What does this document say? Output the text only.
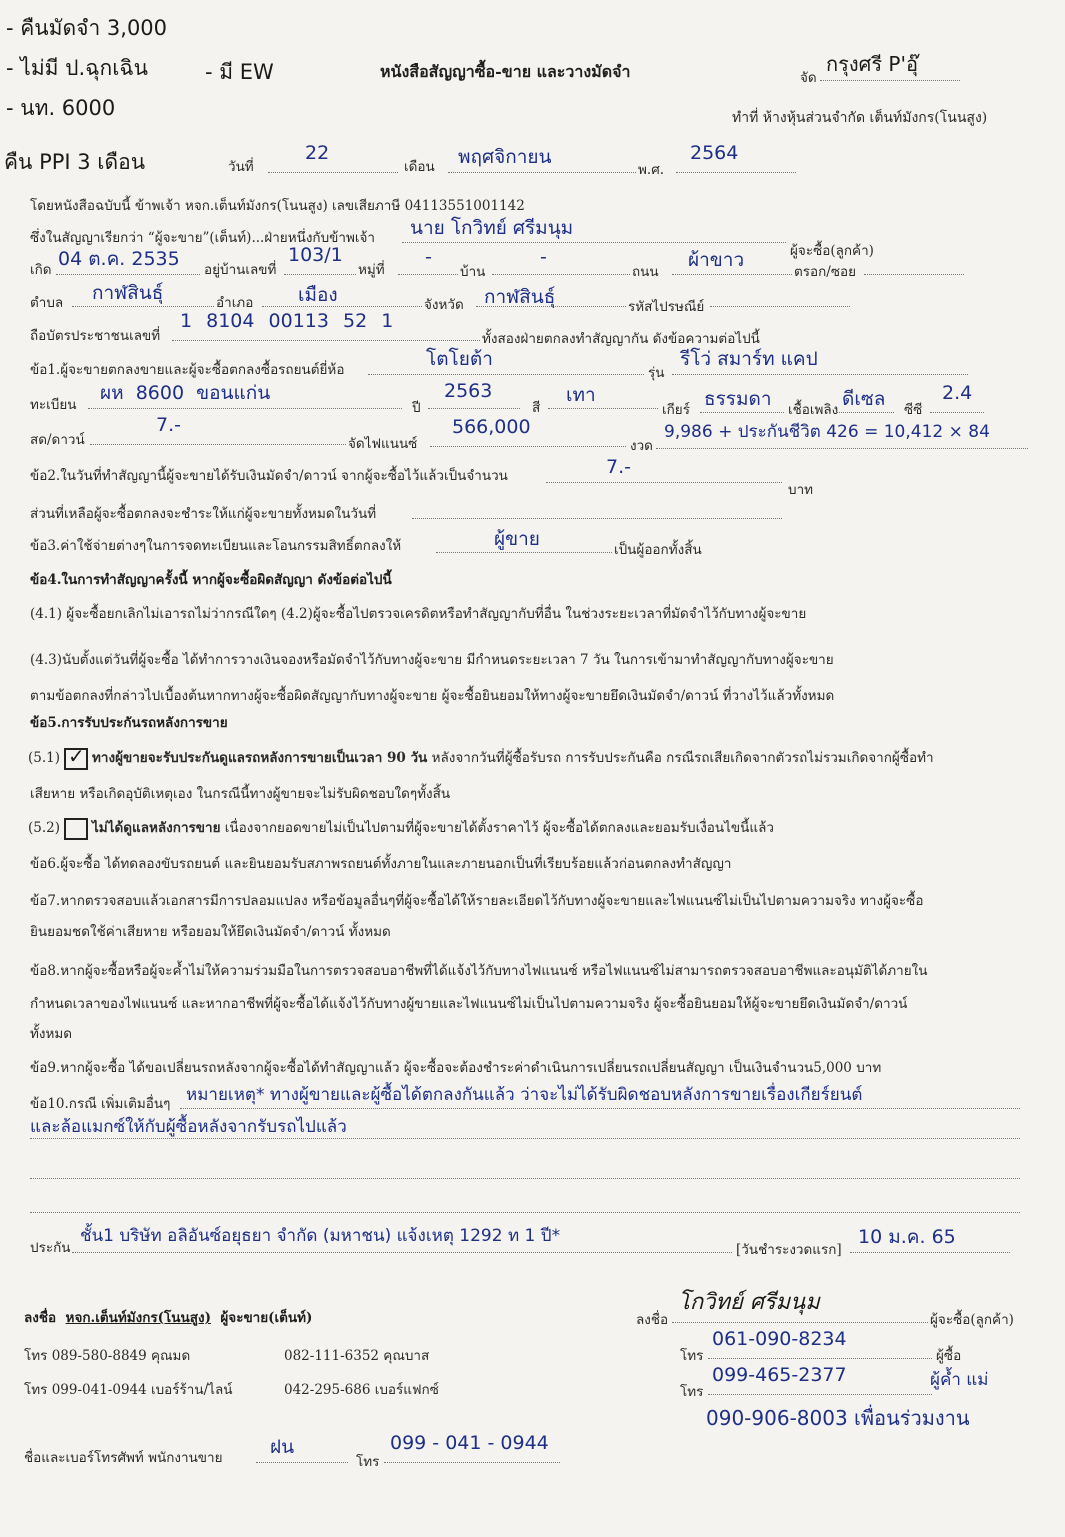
- คืนมัดจำ 3,000
- ไม่มี ป.ฉุกเฉิน	- มี EW
- นท. 6000
คืน PPI 3 เดือน
หนังสือสัญญาซื้อ-ขาย และวางมัดจำ	จัด
กรุงศรี P'อุ๊
ทำที่ ห้างหุ้นส่วนจำกัด เต็นท์มังกร(โนนสูง)
วันที่
22
เดือน พฤศจิกายน
พ.ศ.
2564
โดยหนังสือฉบับนี้ ข้าพเจ้า หจก.เต็นท์มังกร(โนนสูง) เลขเสียภาษี 04113551001142
ซึ่งในสัญญาเรียกว่า “ผู้จะขาย”(เต็นท์)...ฝ่ายหนึ่งกับข้าพเจ้า นาย โกวิทย์ ศรีมนุม
ผู้จะซื้อ(ลูกค้า)
เกิด 04 ต.ค. 2535 อยู่บ้านเลขที่
103/1
หมู่ที่
-
บ้าน
-
ถนน
ผ้าขาว
ตรอก/ซอย
ตำบล กาฬสินธุ์	อำเภอ เมือง	จังหวัด กาฬสินธุ์	รหัสไปรษณีย์
ถือบัตรประชาชนเลขที่
1 8104 00113 52 1
ทั้งสองฝ่ายตกลงทำสัญญากัน ดังข้อความต่อไปนี้
ข้อ1.ผู้จะขายตกลงขายและผู้จะซื้อตกลงซื้อรถยนต์ยี่ห้อ	โตโยต้า
รุ่น
รีโว่ สมาร์ท แคป
ทะเบียน
ผห 8600 ขอนแก่น
ปี
2563
สี
เทา
เกียร์ ธรรมดา เชื้อเพลิง ดีเซล ซีซี
2.4
สด/ดาวน์
7.-
จัดไฟแนนซ์
566,000
งวด
9,986 + ประกันชีวิต 426 = 10,412 × 84
ข้อ2.ในวันที่ทำสัญญานี้ผู้จะขายได้รับเงินมัดจำ/ดาวน์ จากผู้จะซื้อไว้แล้วเป็นจำนวน	7.-
บาท
ส่วนที่เหลือผู้จะซื้อตกลงจะชำระให้แก่ผู้จะขายทั้งหมดในวันที่
ข้อ3.ค่าใช้จ่ายต่างๆในการจดทะเบียนและโอนกรรมสิทธิ์ตกลงให้	ผู้ขาย	เป็นผู้ออกทั้งสิ้น
ข้อ4.ในการทำสัญญาครั้งนี้ หากผู้จะซื้อผิดสัญญา ดังข้อต่อไปนี้
(4.1) ผู้จะซื้อยกเลิกไม่เอารถไม่ว่ากรณีใดๆ (4.2)ผู้จะซื้อไปตรวจเครดิตหรือทำสัญญากับที่อื่น ในช่วงระยะเวลาที่มัดจำไว้กับทางผู้จะขาย
(4.3)นับตั้งแต่วันที่ผู้จะซื้อ ได้ทำการวางเงินจองหรือมัดจำไว้กับทางผู้จะขาย มีกำหนดระยะเวลา 7 วัน ในการเข้ามาทำสัญญากับทางผู้จะขาย
ตามข้อตกลงที่กล่าวไปเบื้องต้นหากทางผู้จะซื้อผิดสัญญากับทางผู้จะขาย ผู้จะซื้อยินยอมให้ทางผู้จะขายยึดเงินมัดจำ/ดาวน์ ที่วางไว้แล้วทั้งหมด
ข้อ5.การรับประกันรถหลังการขาย
(5.1) ✓ ทางผู้ขายจะรับประกันดูแลรถหลังการขายเป็นเวลา 90 วัน หลังจากวันที่ผู้ซื้อรับรถ การรับประกันคือ กรณีรถเสียเกิดจากตัวรถไม่รวมเกิดจากผู้ซื้อทำ
เสียหาย หรือเกิดอุบัติเหตุเอง ในกรณีนี้ทางผู้ขายจะไม่รับผิดชอบใดๆทั้งสิ้น
(5.2) ไม่ได้ดูแลหลังการขาย เนื่องจากยอดขายไม่เป็นไปตามที่ผู้จะขายได้ตั้งราคาไว้ ผู้จะซื้อได้ตกลงและยอมรับเงื่อนไขนี้แล้ว
ข้อ6.ผู้จะซื้อ ได้ทดลองขับรถยนต์ และยินยอมรับสภาพรถยนต์ทั้งภายในและภายนอกเป็นที่เรียบร้อยแล้วก่อนตกลงทำสัญญา
ข้อ7.หากตรวจสอบแล้วเอกสารมีการปลอมแปลง หรือข้อมูลอื่นๆที่ผู้จะซื้อได้ให้รายละเอียดไว้กับทางผู้จะขายและไฟแนนซ์ไม่เป็นไปตามความจริง ทางผู้จะซื้อ
ยินยอมชดใช้ค่าเสียหาย หรือยอมให้ยึดเงินมัดจำ/ดาวน์ ทั้งหมด
ข้อ8.หากผู้จะซื้อหรือผู้จะค้ำไม่ให้ความร่วมมือในการตรวจสอบอาชีพที่ได้แจ้งไว้กับทางไฟแนนซ์ หรือไฟแนนซ์ไม่สามารถตรวจสอบอาชีพและอนุมัติได้ภายใน
กำหนดเวลาของไฟแนนซ์ และหากอาชีพที่ผู้จะซื้อได้แจ้งไว้กับทางผู้ขายและไฟแนนซ์ไม่เป็นไปตามความจริง ผู้จะซื้อยินยอมให้ผู้จะขายยึดเงินมัดจำ/ดาวน์
ทั้งหมด
ข้อ9.หากผู้จะซื้อ ได้ขอเปลี่ยนรถหลังจากผู้จะซื้อได้ทำสัญญาแล้ว ผู้จะซื้อจะต้องชำระค่าดำเนินการเปลี่ยนรถเปลี่ยนสัญญา เป็นเงินจำนวน5,000 บาท
ข้อ10.กรณี เพิ่มเติมอื่นๆ หมายเหตุ* ทางผู้ขายและผู้ซื้อได้ตกลงกันแล้ว ว่าจะไม่ได้รับผิดชอบหลังการขายเรื่องเกียร์ยนต์
และล้อแมกซ์ให้กับผู้ซื้อหลังจากรับรถไปแล้ว
ประกัน
ชั้น1 บริษัท อลิอันซ์อยุธยา จำกัด (มหาชน) แจ้งเหตุ 1292 ท 1 ปี*
[วันชำระงวดแรก]
10 ม.ค. 65
ลงชื่อ หจก.เต็นท์มังกร(โนนสูง) ผู้จะขาย(เต็นท์)	ลงชื่อ
โกวิทย์ ศรีมนุม
ผู้จะซื้อ(ลูกค้า)
โทร 089-580-8849 คุณมด	082-111-6352 คุณบาส
โทร 099-041-0944 เบอร์ร้าน/ไลน์	042-295-686 เบอร์แฟกซ์
โทร
061-090-8234
ผู้ซื้อ
โทร
099-465-2377	ผู้ค้ำ แม่
090-906-8003 เพื่อนร่วมงาน
ชื่อและเบอร์โทรศัพท์ พนักงานขาย ฝน
โทร
099 - 041 - 0944
